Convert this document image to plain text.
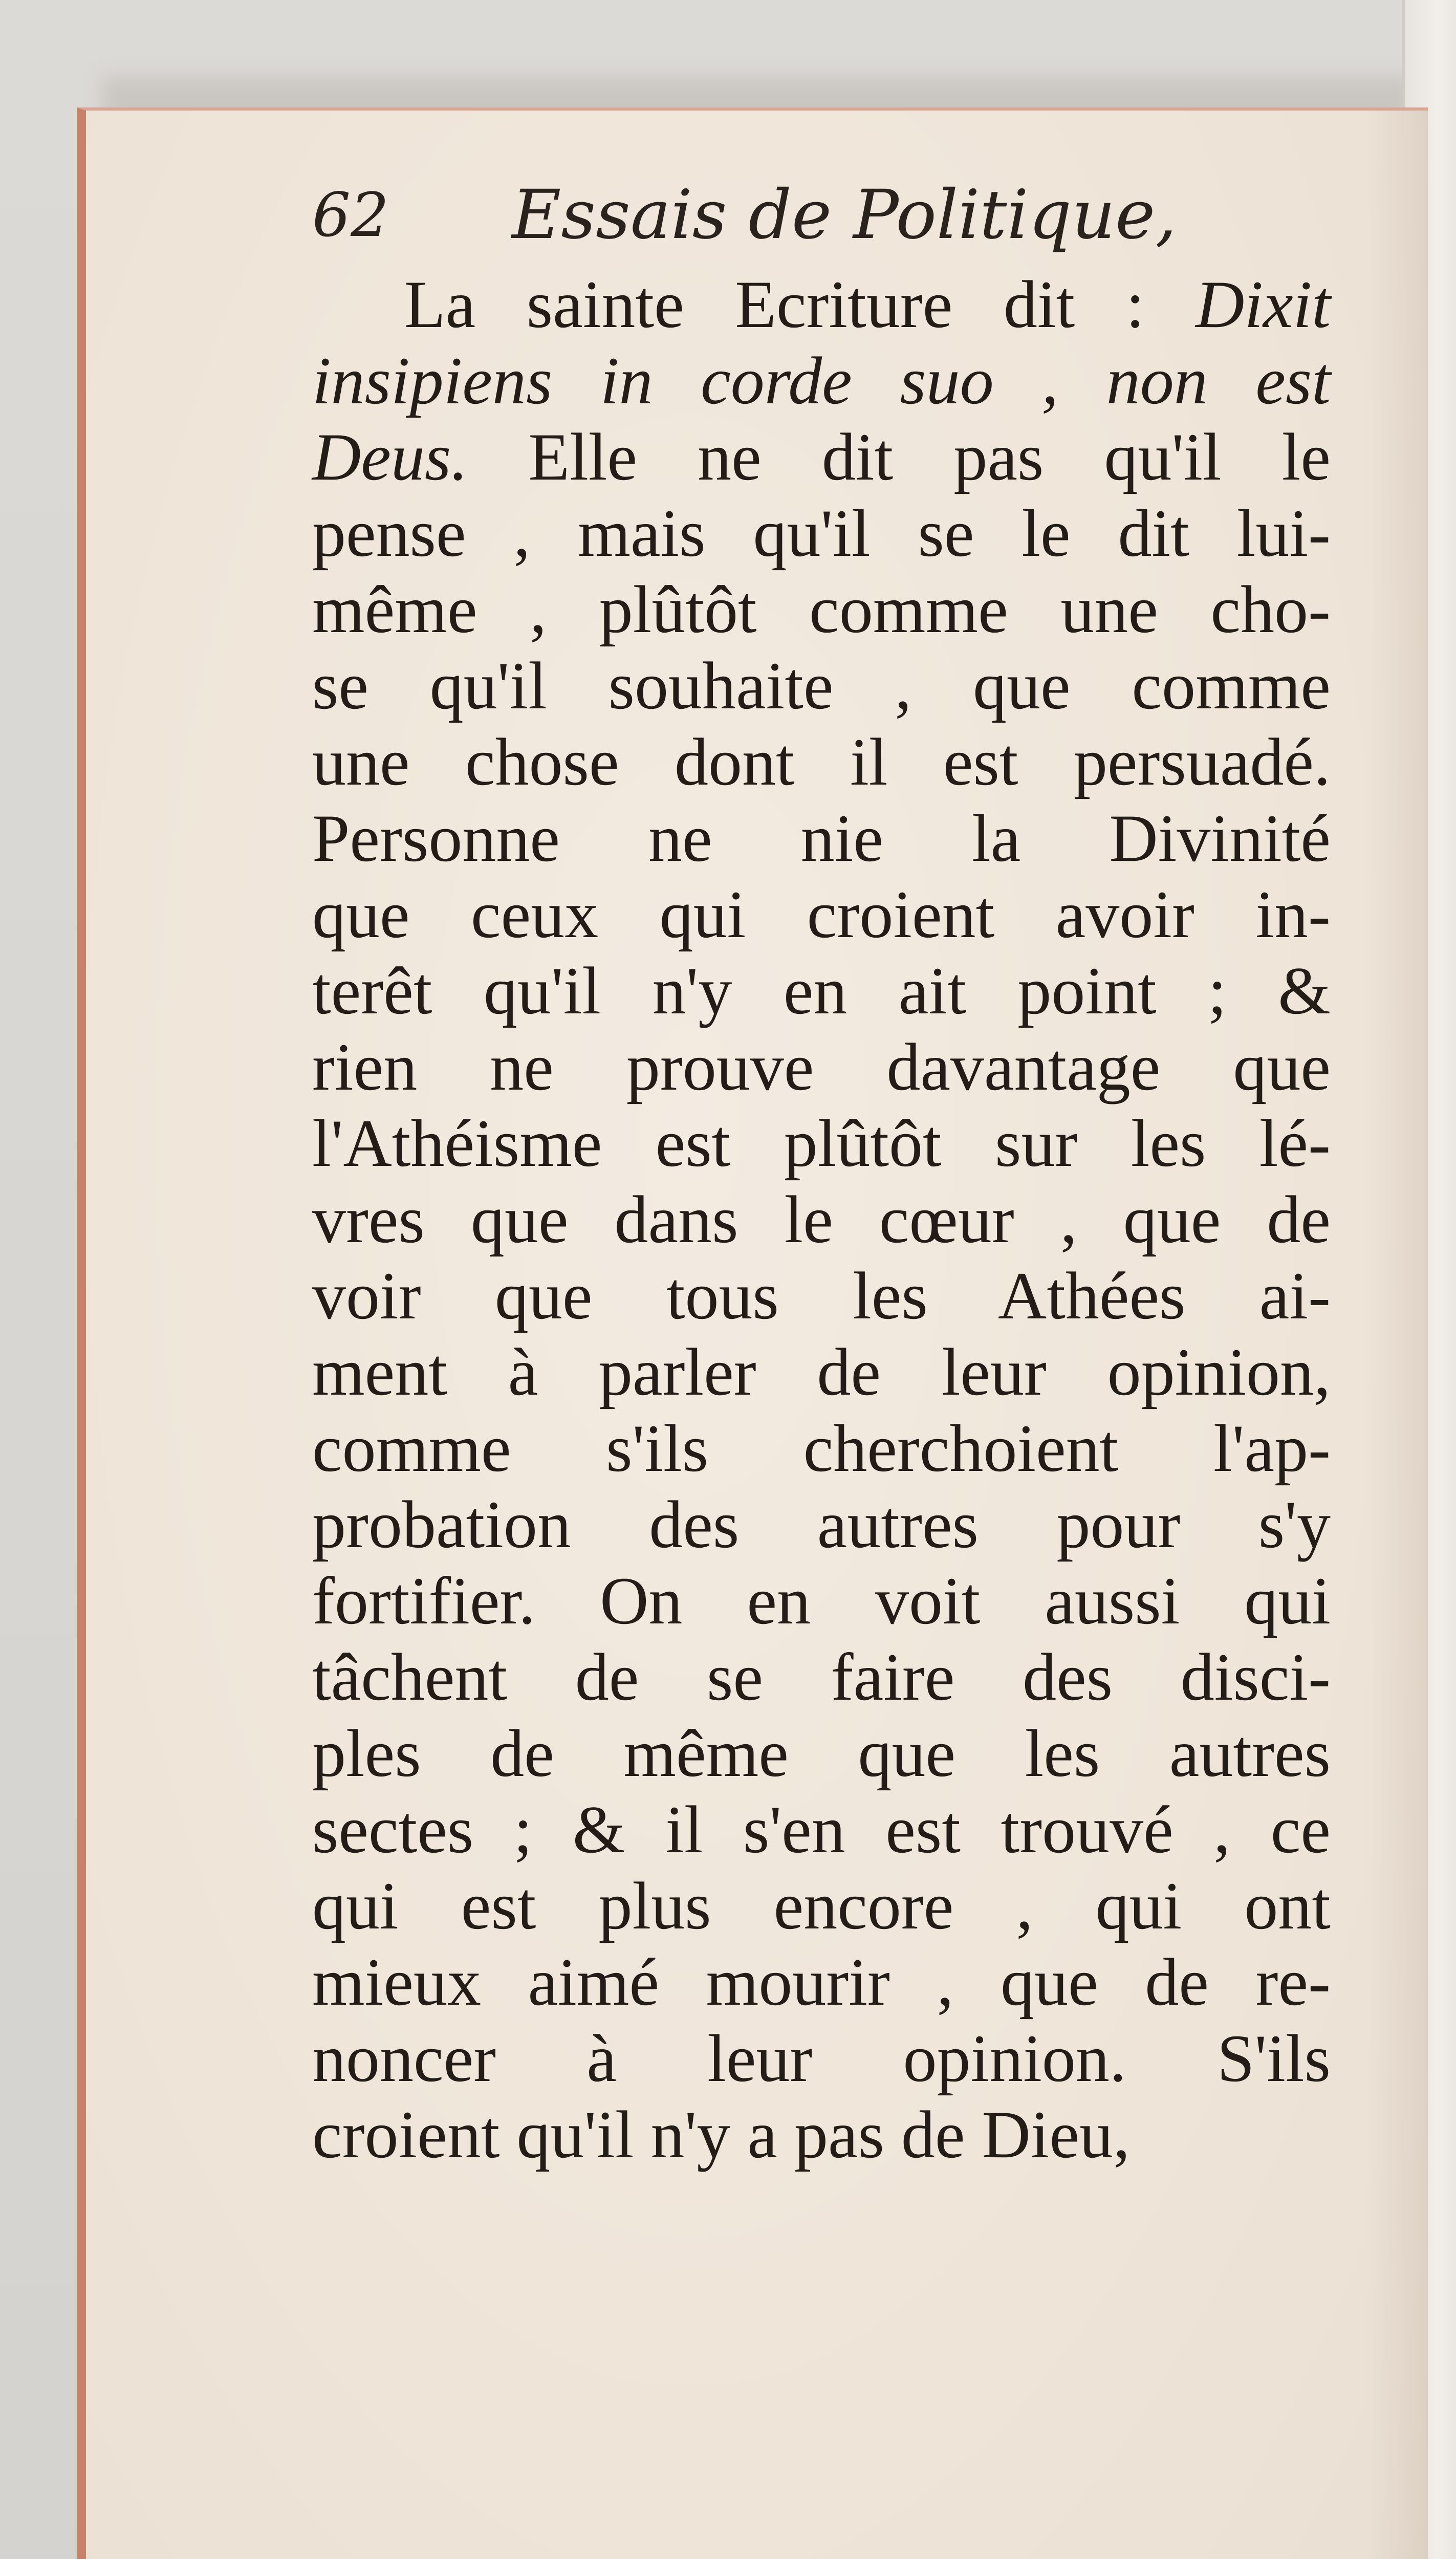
62 Essais de Politique,
La sainte Ecriture dit : Dixit
insipiens in corde suo , non est
Deus. Elle ne dit pas qu'il le
pense , mais qu'il se le dit lui-
même , plûtôt comme une cho-
se qu'il souhaite , que comme
une chose dont il est persuadé.
Personne ne nie la Divinité
que ceux qui croient avoir in-
terêt qu'il n'y en ait point ; &
rien ne prouve davantage que
l'Athéisme est plûtôt sur les lé-
vres que dans le cœur , que de
voir que tous les Athées ai-
ment à parler de leur opinion,
comme s'ils cherchoient l'ap-
probation des autres pour s'y
fortifier. On en voit aussi qui
tâchent de se faire des disci-
ples de même que les autres
sectes ; & il s'en est trouvé , ce
qui est plus encore , qui ont
mieux aimé mourir , que de re-
noncer à leur opinion. S'ils
croient qu'il n'y a pas de Dieu,
